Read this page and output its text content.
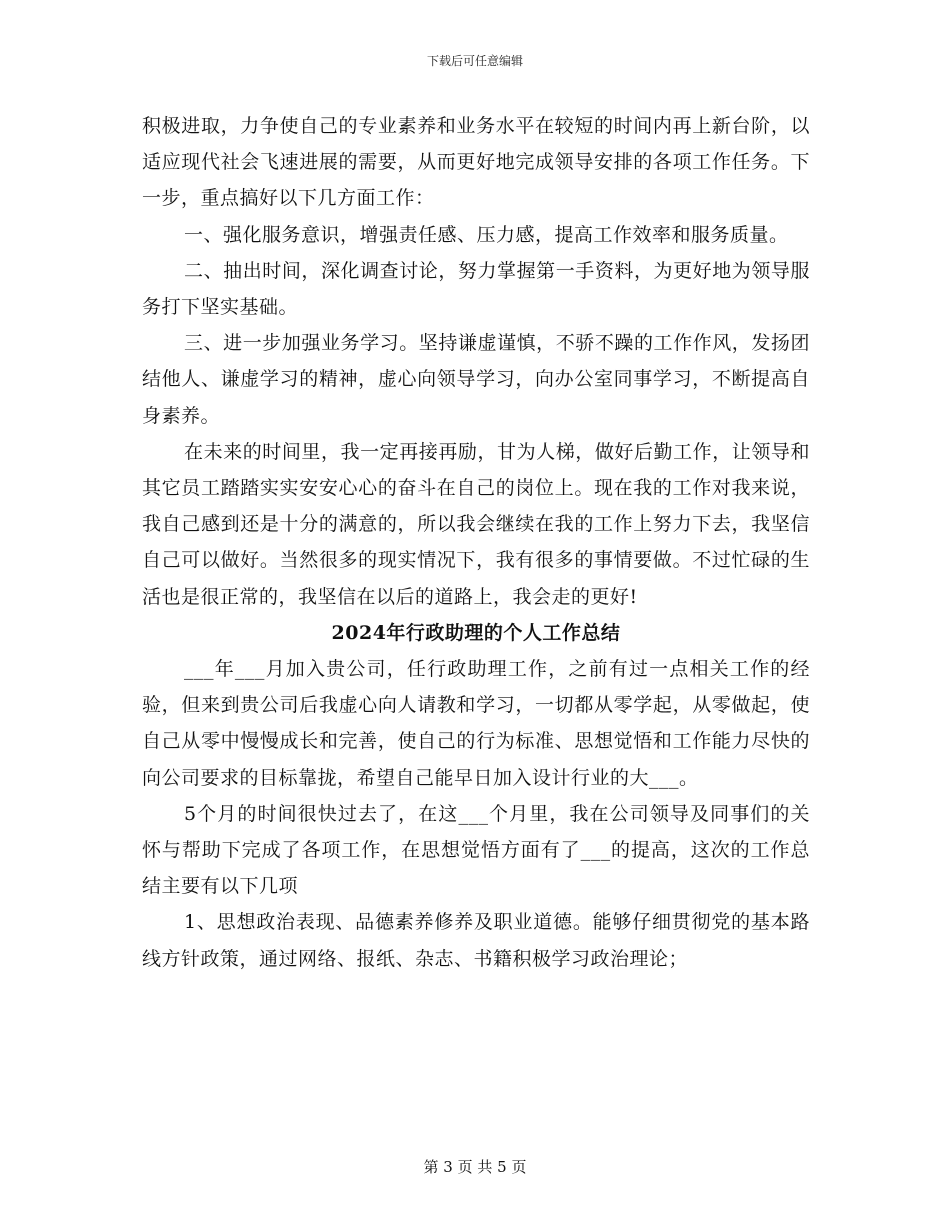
下载后可任意编辑

积极进取，力争使自己的专业素养和业务水平在较短的时间内再上新台阶，以适应现代社会飞速进展的需要，从而更好地完成领导安排的各项工作任务。下一步，重点搞好以下几方面工作：

一、强化服务意识，增强责任感、压力感，提高工作效率和服务质量。

二、抽出时间，深化调查讨论，努力掌握第一手资料，为更好地为领导服务打下坚实基础。

三、进一步加强业务学习。坚持谦虚谨慎，不骄不躁的工作作风，发扬团结他人、谦虚学习的精神，虚心向领导学习，向办公室同事学习，不断提高自身素养。

在未来的时间里，我一定再接再励，甘为人梯，做好后勤工作，让领导和其它员工踏踏实实安安心心的奋斗在自己的岗位上。现在我的工作对我来说，我自己感到还是十分的满意的，所以我会继续在我的工作上努力下去，我坚信自己可以做好。当然很多的现实情况下，我有很多的事情要做。不过忙碌的生活也是很正常的，我坚信在以后的道路上，我会走的更好!

2024年行政助理的个人工作总结

___年___月加入贵公司，任行政助理工作，之前有过一点相关工作的经验，但来到贵公司后我虚心向人请教和学习，一切都从零学起，从零做起，使自己从零中慢慢成长和完善，使自己的行为标准、思想觉悟和工作能力尽快的向公司要求的目标靠拢，希望自己能早日加入设计行业的大___。

5个月的时间很快过去了，在这___个月里，我在公司领导及同事们的关怀与帮助下完成了各项工作，在思想觉悟方面有了___的提高，这次的工作总结主要有以下几项

1、思想政治表现、品德素养修养及职业道德。能够仔细贯彻党的基本路线方针政策，通过网络、报纸、杂志、书籍积极学习政治理论；

第 3 页 共 5 页
